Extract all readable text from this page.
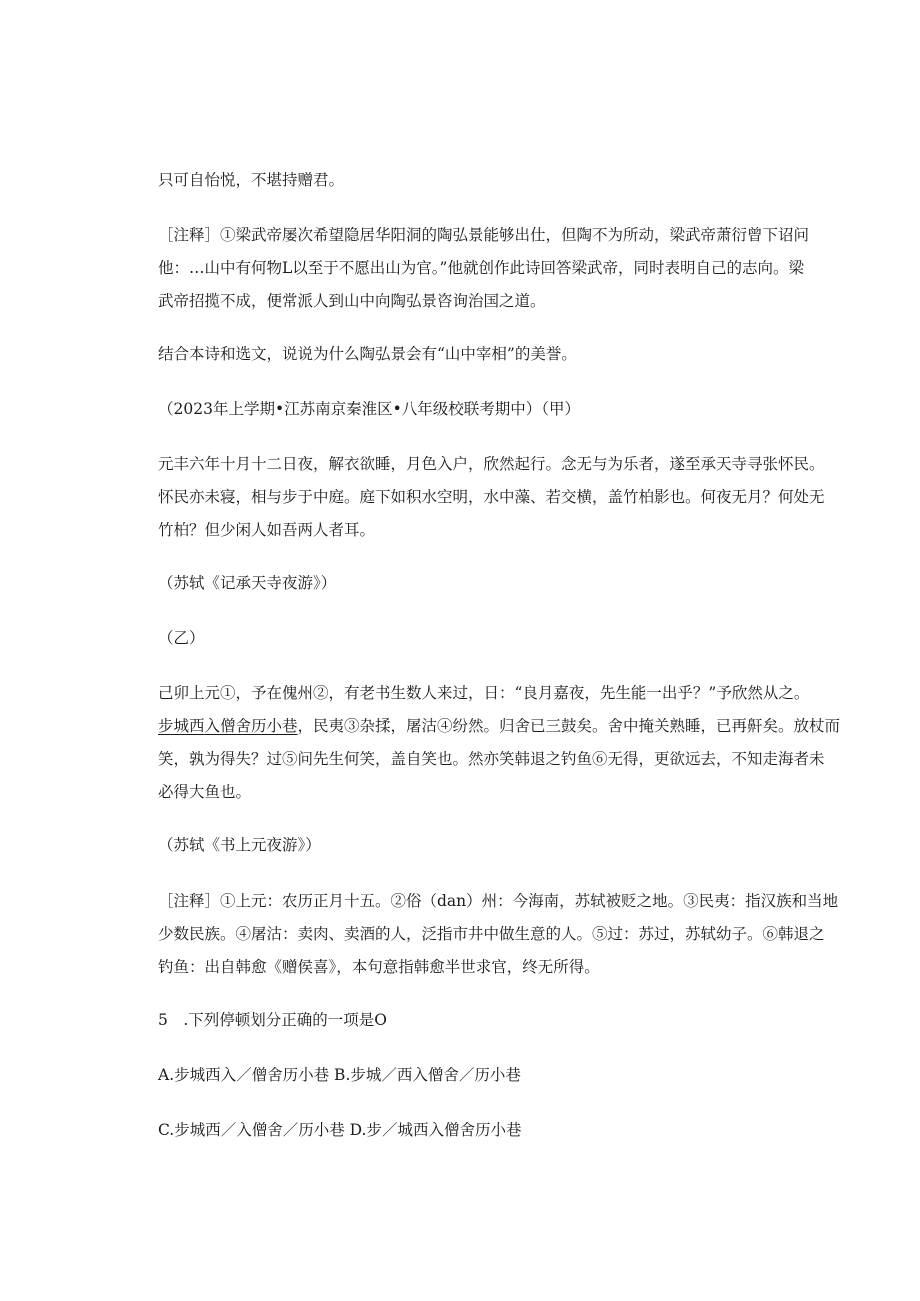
只可自怡悦，不堪持赠君。

［注释］①梁武帝屡次希望隐居华阳洞的陶弘景能够出仕，但陶不为所动，梁武帝萧衍曾下诏问
他：…山中有何物L以至于不愿出山为官。”他就创作此诗回答梁武帝，同时表明自己的志向。梁
武帝招揽不成，便常派人到山中向陶弘景咨询治国之道。

结合本诗和选文，说说为什么陶弘景会有“山中宰相”的美誉。

（2023年上学期•江苏南京秦淮区•八年级校联考期中）（甲）

元丰六年十月十二日夜，解衣欲睡，月色入户，欣然起行。念无与为乐者，遂至承天寺寻张怀民。
怀民亦未寝，相与步于中庭。庭下如积水空明，水中藻、若交横，盖竹柏影也。何夜无月？何处无
竹柏？但少闲人如吾两人者耳。

（苏轼《记承天寺夜游》）

（乙）

己卯上元①，予在傀州②，有老书生数人来过，日：“良月嘉夜，先生能一出乎？”予欣然从之。
步城西入僧舍历小巷，民夷③杂揉，屠沽④纷然。归舍已三鼓矣。舍中掩关熟睡，已再鼾矣。放杖而
笑，孰为得失？过⑤问先生何笑，盖自笑也。然亦笑韩退之钓鱼⑥无得，更欲远去，不知走海者未
必得大鱼也。

（苏轼《书上元夜游》）

［注释］①上元：农历正月十五。②俗（dan）州：今海南，苏轼被贬之地。③民夷：指汉族和当地
少数民族。④屠沽：卖肉、卖酒的人，泛指市井中做生意的人。⑤过：苏过，苏轼幼子。⑥韩退之
钓鱼：出自韩愈《赠侯喜》，本句意指韩愈半世求官，终无所得。

5　.下列停顿划分正确的一项是O

A.步城西入／僧舍历小巷 B.步城／西入僧舍／历小巷

C.步城西／入僧舍／历小巷 D.步／城西入僧舍历小巷
